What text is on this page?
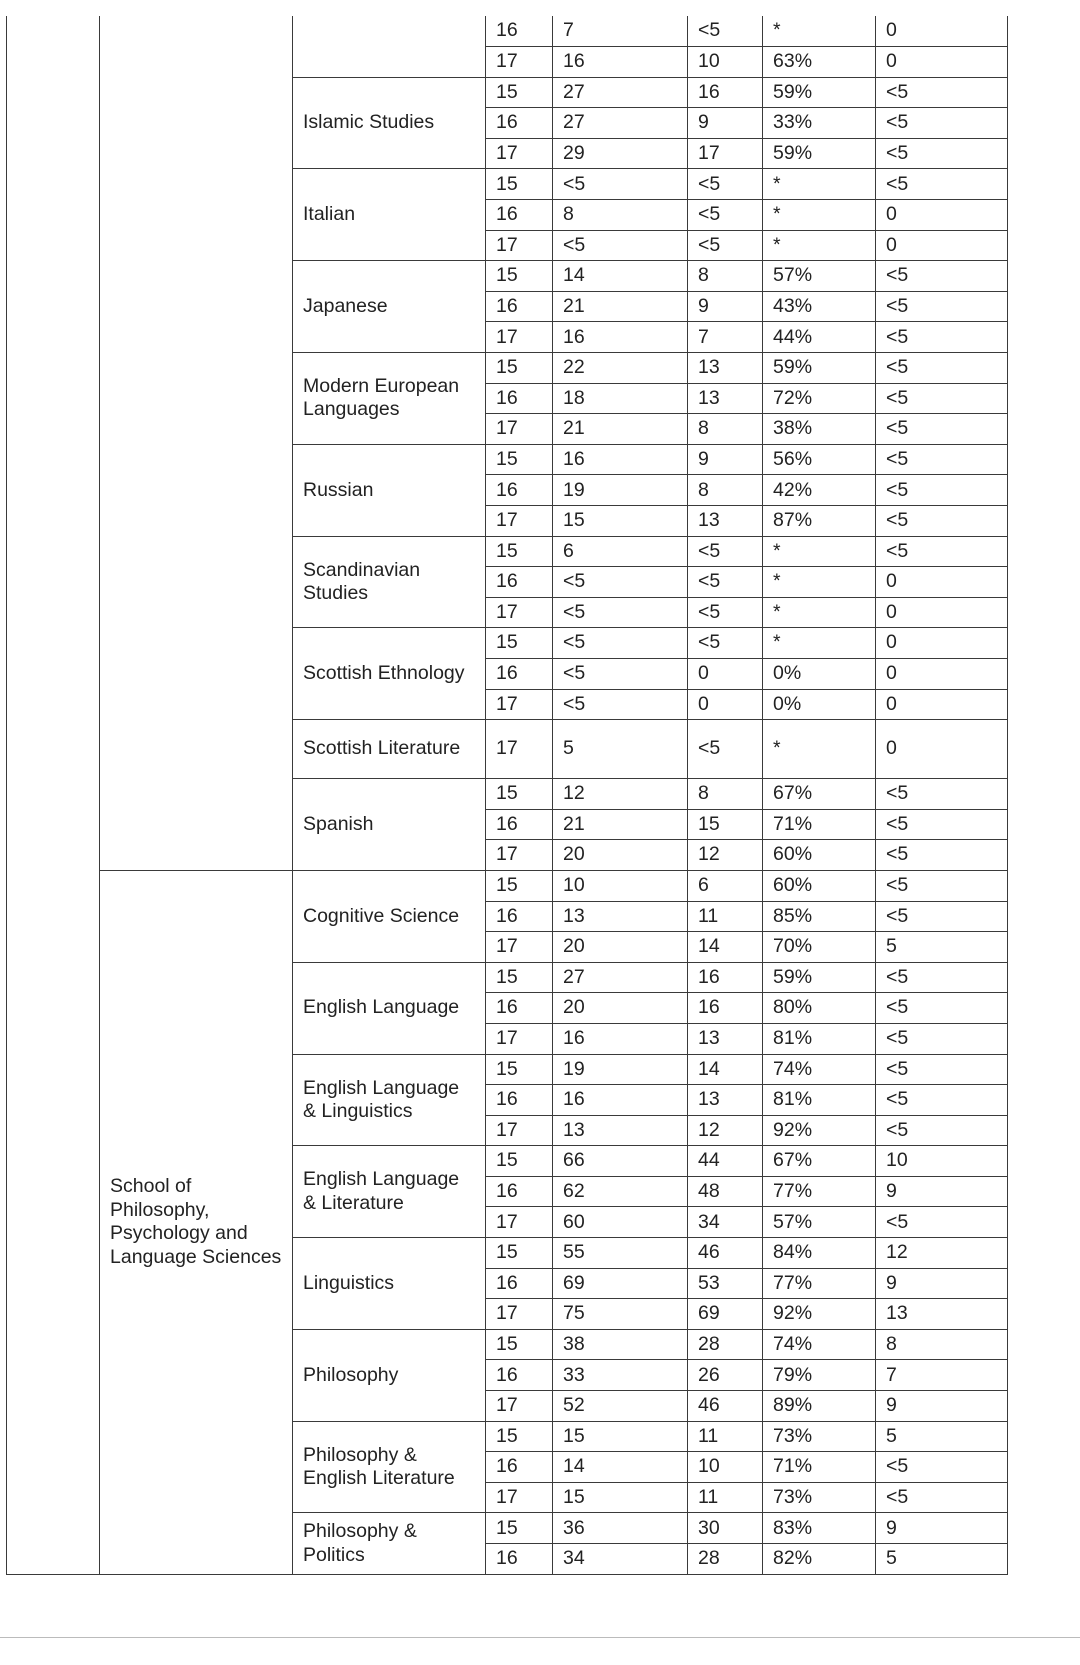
			16	7	<5	*	0
			17	16	10	63%	0
		Islamic Studies	15	27	16	59%	<5
			16	27	9	33%	<5
			17	29	17	59%	<5
		Italian	15	<5	<5	*	<5
			16	8	<5	*	0
			17	<5	<5	*	0
		Japanese	15	14	8	57%	<5
			16	21	9	43%	<5
			17	16	7	44%	<5
		Modern European Languages	15	22	13	59%	<5
			16	18	13	72%	<5
			17	21	8	38%	<5
		Russian	15	16	9	56%	<5
			16	19	8	42%	<5
			17	15	13	87%	<5
		Scandinavian Studies	15	6	<5	*	<5
			16	<5	<5	*	0
			17	<5	<5	*	0
		Scottish Ethnology	15	<5	<5	*	0
			16	<5	0	0%	0
			17	<5	0	0%	0
		Scottish Literature	17	5	<5	*	0
		Spanish	15	12	8	67%	<5
			16	21	15	71%	<5
			17	20	12	60%	<5
	School of Philosophy, Psychology and Language Sciences	Cognitive Science	15	10	6	60%	<5
			16	13	11	85%	<5
			17	20	14	70%	5
		English Language	15	27	16	59%	<5
			16	20	16	80%	<5
			17	16	13	81%	<5
		English Language & Linguistics	15	19	14	74%	<5
			16	16	13	81%	<5
			17	13	12	92%	<5
		English Language & Literature	15	66	44	67%	10
			16	62	48	77%	9
			17	60	34	57%	<5
		Linguistics	15	55	46	84%	12
			16	69	53	77%	9
			17	75	69	92%	13
		Philosophy	15	38	28	74%	8
			16	33	26	79%	7
			17	52	46	89%	9
		Philosophy & English Literature	15	15	11	73%	5
			16	14	10	71%	<5
			17	15	11	73%	<5
		Philosophy & Politics	15	36	30	83%	9
			16	34	28	82%	5
